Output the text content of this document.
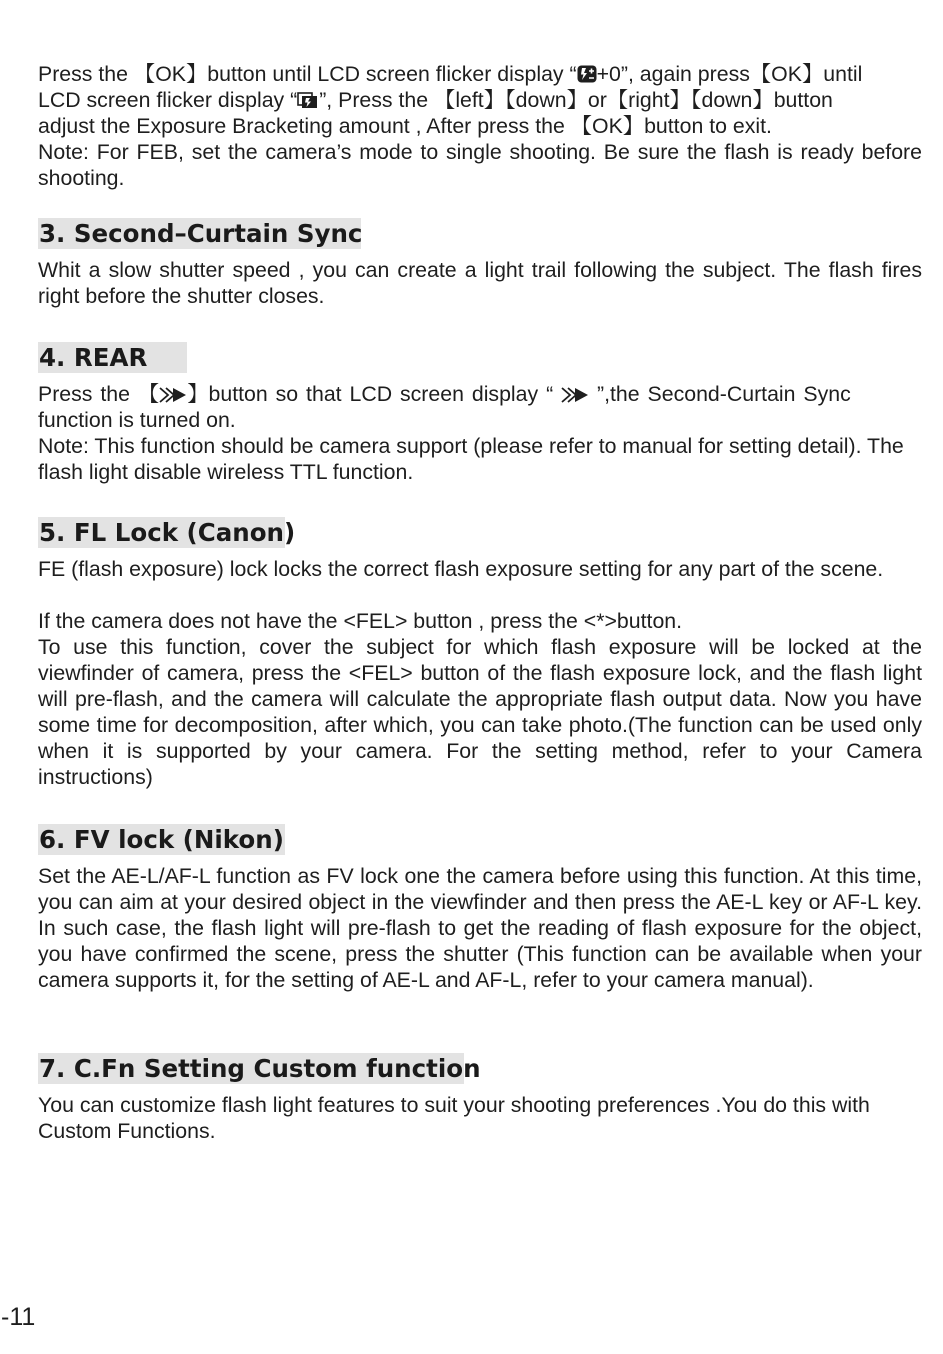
Press the 【OK】button until LCD screen flicker display “ +0”, again press【OK】until

LCD screen flicker display “ ”, Press the 【left】【down】or【right】【down】button

adjust the Exposure Bracketing amount , After press the 【OK】button to exit.

Note: For FEB, set the camera’s mode to single shooting. Be sure the flash is ready before shooting.

3. Second–Curtain Sync

Whit a slow shutter speed , you can create a light trail following the subject. The flash fires right before the shutter closes.

4. REAR

Press the 【 】button so that LCD screen display “  ”,the Second-Curtain Sync

function is turned on.

Note: This function should be camera support (please refer to manual for setting detail). The flash light disable wireless TTL function.

5. FL Lock (Canon)

FE (flash exposure) lock locks the correct flash exposure setting for any part of the scene.

If the camera does not have the <FEL> button , press the <*>button.

To use this function, cover the subject for which flash exposure will be locked at the viewfinder of camera, press the <FEL> button of the flash exposure lock, and the flash light will pre-flash, and the camera will calculate the appropriate flash output data. Now you have some time for decomposition, after which, you can take photo.(The function can be used only when it is supported by your camera. For the setting method, refer to your Camera instructions)

6. FV lock (Nikon)

Set the AE-L/AF-L function as FV lock one the camera before using this function. At this time, you can aim at your desired object in the viewfinder and then press the AE-L key or AF-L key. In such case, the flash light will pre-flash to get the reading of flash exposure for the object, you have confirmed the scene, press the shutter (This function can be available when your camera supports it, for the setting of AE-L and AF-L, refer to your camera manual).

7. C.Fn Setting Custom function

You can customize flash light features to suit your shooting preferences .You do this with Custom Functions.

-11
